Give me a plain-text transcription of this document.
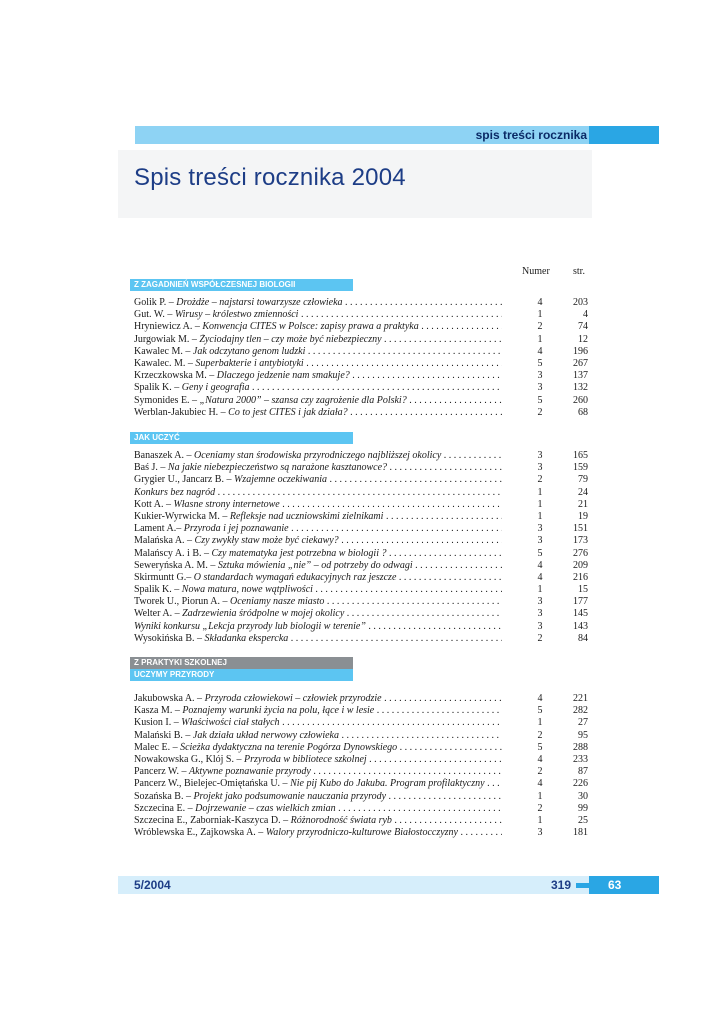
spis treści rocznika
Spis treści rocznika 2004
Numer str.
Z ZAGADNIEŃ WSPÓŁCZESNEJ BIOLOGII
Golik P. – Drożdże – najstarsi towarzysze człowieka . . .	4	203
Gut. W. – Wirusy – królestwo zmienności . . .	1	4
Hryniewicz A. – Konwencja CITES w Polsce: zapisy prawa a praktyka . . .	2	74
Jurgowiak M. – Życiodajny tlen – czy może być niebezpieczny . . .	1	12
Kawalec M. – Jak odczytano genom ludzki . . .	4	196
Kawalec. M. – Superbakterie i antybiotyki . . .	5	267
Krzeczkowska M. – Dlaczego jedzenie nam smakuje? . . .	3	137
Spalik K. – Geny i geografia . . .	3	132
Symonides E. – „Natura 2000” – szansa czy zagrożenie dla Polski? . . .	5	260
Werblan-Jakubiec H. – Co to jest CITES i jak działa? . . .	2	68
JAK UCZYĆ
Banaszek A. – Oceniamy stan środowiska przyrodniczego najbliższej okolicy . . .	3	165
Baś J. – Na jakie niebezpieczeństwo są narażone kasztanowce? . . .	3	159
Grygier U., Jancarz B. – Wzajemne oczekiwania . . .	2	79
Konkurs bez nagród . . .	1	24
Kott A. – Własne strony internetowe . . .	1	21
Kukier-Wyrwicka M. – Refleksje nad uczniowskimi zielnikami . . .	1	19
Lament A.– Przyroda i jej poznawanie . . .	3	151
Malańska A. – Czy zwykły staw może być ciekawy? . . .	3	173
Malańscy A. i B. – Czy matematyka jest potrzebna w biologii ? . . .	5	276
Seweryńska A. M. – Sztuka mówienia „nie” – od potrzeby do odwagi . . .	4	209
Skirmuntt G.– O standardach wymagań edukacyjnych raz jeszcze . . .	4	216
Spalik K. – Nowa matura, nowe wątpliwości . . .	1	15
Tworek U., Piorun A. – Oceniamy nasze miasto . . .	3	177
Welter A. – Zadrzewienia śródpolne w mojej okolicy . . .	3	145
Wyniki konkursu „Lekcja przyrody lub biologii w terenie” . . .	3	143
Wysokińska B. – Składanka ekspercka . . .	2	84
Z PRAKTYKI SZKOLNEJ
UCZYMY PRZYRODY
Jakubowska A. – Przyroda człowiekowi – człowiek przyrodzie . . .	4	221
Kasza M. – Poznajemy warunki życia na polu, łące i w lesie . . .	5	282
Kusion I. – Właściwości ciał stałych . . .	1	27
Malański B. – Jak działa układ nerwowy człowieka . . .	2	95
Malec E. – Ścieżka dydaktyczna na terenie Pogórza Dynowskiego . . .	5	288
Nowakowska G., Klój S. – Przyroda w bibliotece szkolnej . . .	4	233
Pancerz W. – Aktywne poznawanie przyrody . . .	2	87
Pancerz W., Bielejec-Omiętańska U. – Nie pij Kubo do Jakuba. Program profilaktyczny . . .	4	226
Sozańska B. – Projekt jako podsumowanie nauczania przyrody . . .	1	30
Szczecina E. – Dojrzewanie – czas wielkich zmian . . .	2	99
Szczecina E., Zaborniak-Kaszyca D. – Różnorodność świata ryb . . .	1	25
Wróblewska E., Zajkowska A. – Walory przyrodniczo-kulturowe Białostocczyzny . . .	3	181
5/2004	319	63
